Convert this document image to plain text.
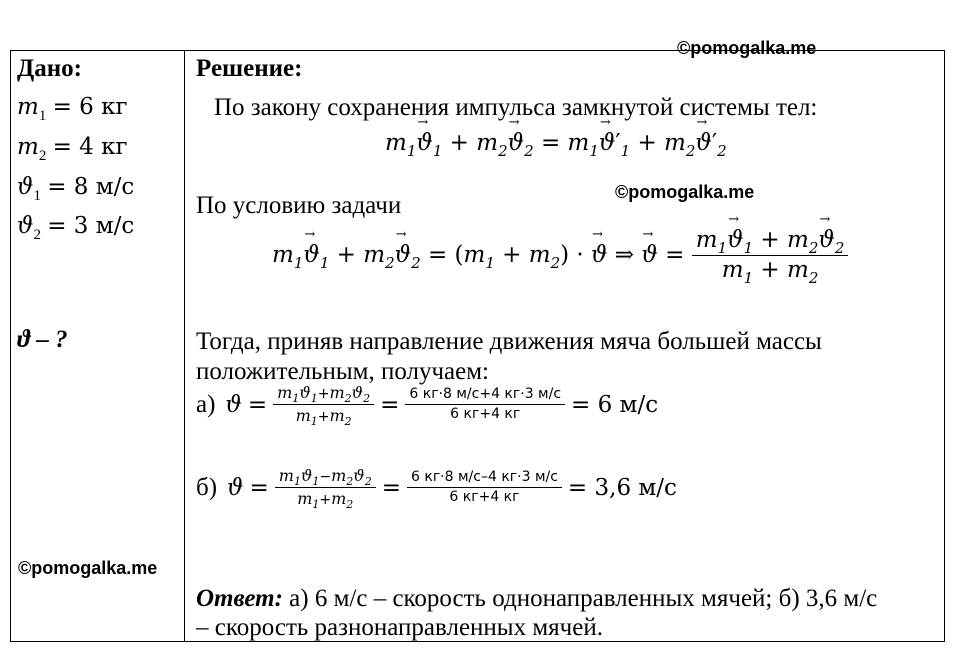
©pomogalka.me
©pomogalka.me
©pomogalka.me
Дано:
$m_1 = 6$ кг
$m_2 = 4$ кг
$ϑ_1 = 8$ м/с
$ϑ_2 = 3$ м/с
ϑ – ?
Решение:
По закону сохранения импульса замкнутой системы тел:
$m_1ϑ \to_1 + m_2ϑ \to_2 = m_1ϑ \to'_1 + m_2ϑ \to'_2$
По условию задачи
$m_1ϑ \to_1 + m_2ϑ \to_2 = (m_1 + m_2) \cdot ϑ$ → ⇒ ϑ → = $\frac{m_1ϑ \to_1 + m_2ϑ \to_2}{m_1 + m_2}$
Тогда, приняв направление движения мяча большей массы
положительным, получаем:
а) $ϑ = \frac{m_1ϑ_1+m_2ϑ_2}{m_1+m_2} = \frac{6 кг\cdot 8 м/с+4 кг\cdot 3 м/с}{6 кг+4 кг} = 6$ м/с
б) $ϑ = \frac{m_1ϑ_1-m_2ϑ_2}{m_1+m_2} = \frac{6 кг\cdot 8 м/с-4 кг\cdot 3 м/с}{6 кг+4 кг} = 3,6$ м/с
Ответ: а) 6 м/с – скорость однонаправленных мячей; б) 3,6 м/с
– скорость разнонаправленных мячей.
